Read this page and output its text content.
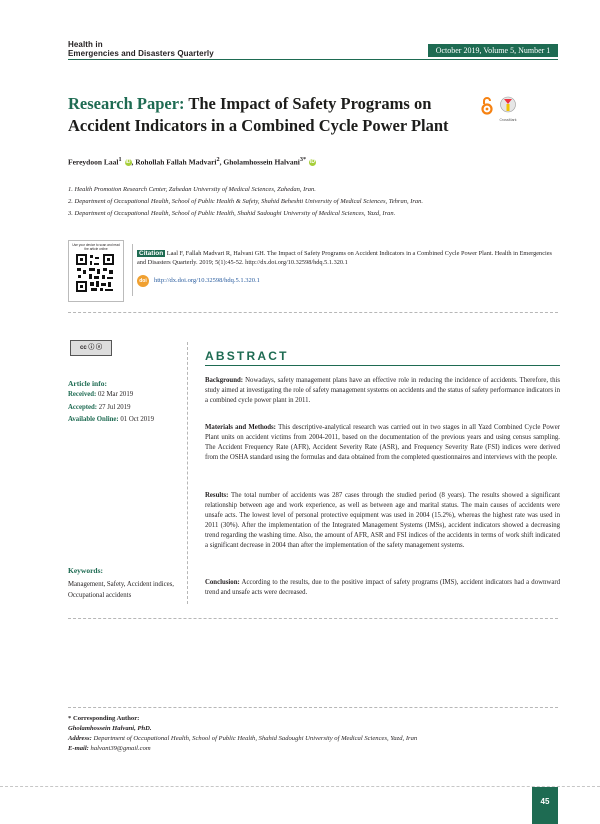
Health in
Emergencies and Disasters Quarterly	October 2019, Volume 5, Number 1
Research Paper: The Impact of Safety Programs on Accident Indicators in a Combined Cycle Power Plant	CrossMark
Fereydoon Laal$^1$ iD, Rohollah Fallah Madvari$^2$, Gholamhossein Halvani$^{3*}$ iD
1. Health Promotion Research Center, Zahedan University of Medical Sciences, Zahedan, Iran.
2. Department of Occupational Health, School of Public Health & Safety, Shahid Beheshti University of Medical Sciences, Tehran, Iran.
3. Department of Occupational Health, School of Public Health, Shahid Sadoughi University of Medical Sciences, Yazd, Iran.
Use your device to scan and read the article online
Citation Laal F, Fallah Madvari R, Halvani GH. The Impact of Safety Programs on Accident Indicators in a Combined Cycle Power Plant. Health in Emergencies and Disasters Quarterly. 2019; 5(1):45-52. http://dx.doi.org/10.32598/hdq.5.1.320.1
doi	http://dx.doi.org/10.32598/hdq.5.1.320.1
cc ⓘ ⓢ
Article info:
Received: 02 Mar 2019
Accepted: 27 Jul 2019
Available Online: 01 Oct 2019
Keywords:
Management, Safety, Accident indices, Occupational accidents
ABSTRACT
Background: Nowadays, safety management plans have an effective role in reducing the incidence of accidents. Therefore, this study aimed at investigating the role of safety management systems on accidents and the status of safety performance indicators in a combined cycle power plant in 2011.
Materials and Methods: This descriptive-analytical research was carried out in two stages in all Yazd Combined Cycle Power Plant units on accident victims from 2004-2011, based on the documentation of the previous years and using census sampling. The Accident Frequency Rate (AFR), Accident Severity Rate (ASR), and Frequency Severity Rate (FSI) indices were derived from the OSHA standard using the formulas and data obtained from the completed questionnaires and interviews with the people.
Results: The total number of accidents was 287 cases through the studied period (8 years). The results showed a significant relationship between age and work experience, as well as between age and marital status. The main causes of accidents were unsafe acts. The lowest level of personal protective equipment was used in 2004 (15.2%), whereas the highest rate was used in 2011 (30%). After the implementation of the Integrated Management Systems (IMSs), accident indicators showed a decreasing trend regarding the washing time. Also, the amount of AFR, ASR and FSI indices of the accidents in terms of work shift indicated a significant decrease in 2004 than after the implementation of the safety management systems.
Conclusion: According to the results, due to the positive impact of safety programs (IMS), accident indicators had a downward trend and unsafe acts were decreased.
* Corresponding Author:
Gholamhossein Halvani, PhD.
Address: Department of Occupational Health, School of Public Health, Shahid Sadoughi University of Medical Sciences, Yazd, Iran
E-mail: halvani39@gmail.com
45
